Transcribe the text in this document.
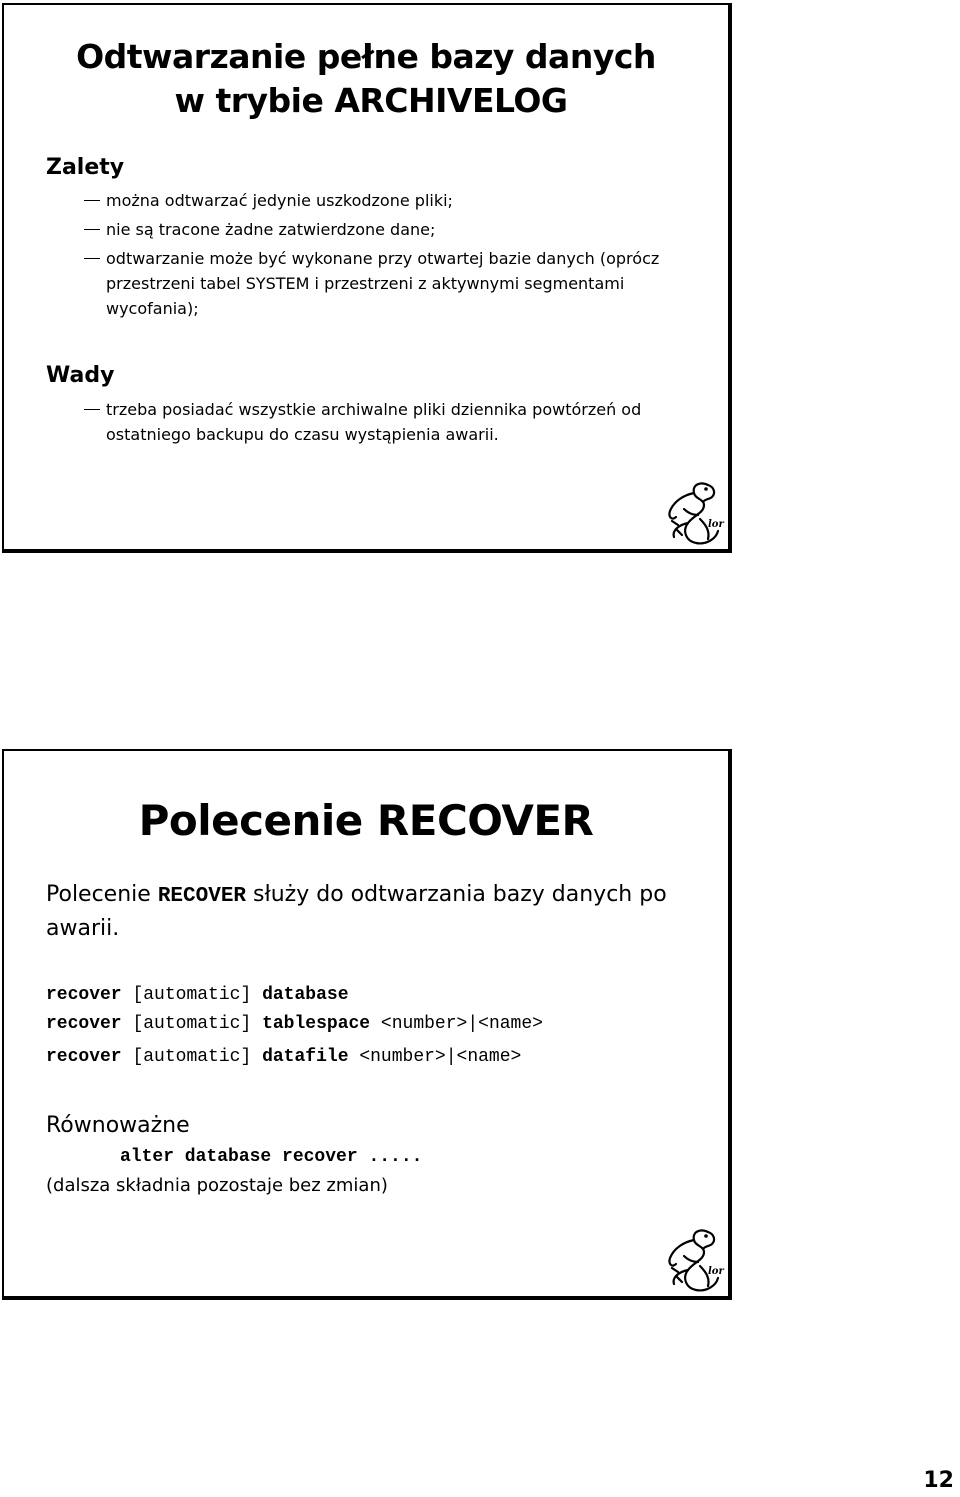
Odtwarzanie pełne bazy danych
w trybie ARCHIVELOG
Zalety
można odtwarzać jedynie uszkodzone pliki;
nie są tracone żadne zatwierdzone dane;
odtwarzanie może być wykonane przy otwartej bazie danych (oprócz przestrzeni tabel SYSTEM i przestrzeni z aktywnymi segmentami wycofania);
Wady
trzeba posiadać wszystkie archiwalne pliki dziennika powtórzeń od ostatniego backupu do czasu wystąpienia awarii.
lor
Polecenie RECOVER
Polecenie RECOVER służy do odtwarzania bazy danych po awarii.
recover [automatic] database
recover [automatic] tablespace <number>|<name>
recover [automatic] datafile <number>|<name>
Równoważne
alter database recover .....
(dalsza składnia pozostaje bez zmian)
lor
12
